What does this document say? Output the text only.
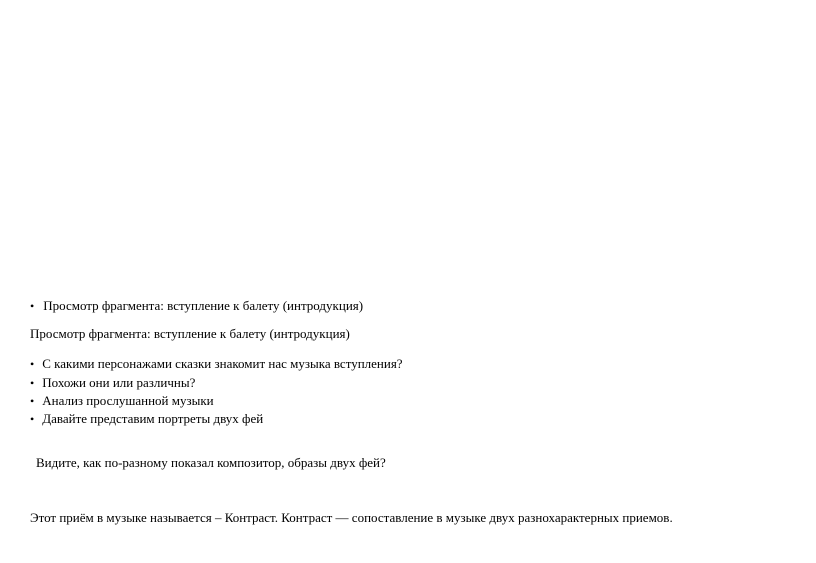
• Просмотр фрагмента: вступление к балету (интродукция)
Просмотр фрагмента: вступление к балету (интродукция)
• С какими персонажами сказки знакомит нас музыка вступления?
• Похожи они или различны?
• Анализ прослушанной музыки
• Давайте представим портреты двух фей
Видите, как по-разному показал композитор, образы двух фей?
Этот приём в музыке называется – Контраст. Контраст — сопоставление в музыке двух разнохарактерных приемов.
